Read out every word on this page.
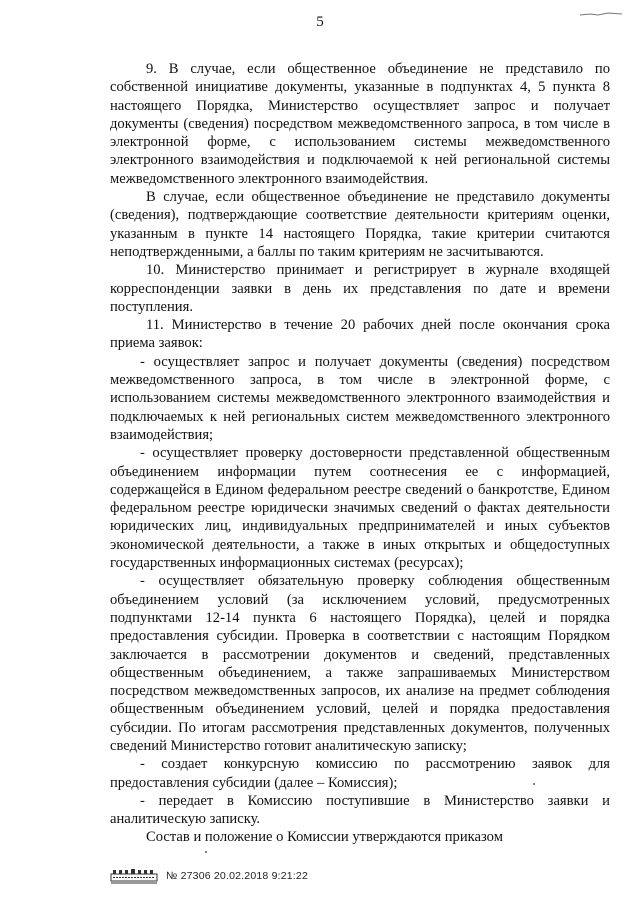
5

9. В случае, если общественное объединение не представило по собственной инициативе документы, указанные в подпунктах 4, 5 пункта 8 настоящего Порядка, Министерство осуществляет запрос и получает документы (сведения) посредством межведомственного запроса, в том числе в электронной форме, с использованием системы межведомственного электронного взаимодействия и подключаемой к ней региональной системы межведомственного электронного взаимодействия.

В случае, если общественное объединение не представило документы (сведения), подтверждающие соответствие деятельности критериям оценки, указанным в пункте 14 настоящего Порядка, такие критерии считаются неподтвержденными, а баллы по таким критериям не засчитываются.

10. Министерство принимает и регистрирует в журнале входящей корреспонденции заявки в день их представления по дате и времени поступления.

11. Министерство в течение 20 рабочих дней после окончания срока приема заявок:

- осуществляет запрос и получает документы (сведения) посредством межведомственного запроса, в том числе в электронной форме, с использованием системы межведомственного электронного взаимодействия и подключаемых к ней региональных систем межведомственного электронного взаимодействия;

- осуществляет проверку достоверности представленной общественным объединением информации путем соотнесения ее с информацией, содержащейся в Едином федеральном реестре сведений о банкротстве, Едином федеральном реестре юридически значимых сведений о фактах деятельности юридических лиц, индивидуальных предпринимателей и иных субъектов экономической деятельности, а также в иных открытых и общедоступных государственных информационных системах (ресурсах);

- осуществляет обязательную проверку соблюдения общественным объединением условий (за исключением условий, предусмотренных подпунктами 12-14 пункта 6 настоящего Порядка), целей и порядка предоставления субсидии. Проверка в соответствии с настоящим Порядком заключается в рассмотрении документов и сведений, представленных общественным объединением, а также запрашиваемых Министерством посредством межведомственных запросов, их анализе на предмет соблюдения общественным объединением условий, целей и порядка предоставления субсидии. По итогам рассмотрения представленных документов, полученных сведений Министерство готовит аналитическую записку;

- создает конкурсную комиссию по рассмотрению заявок для предоставления субсидии (далее – Комиссия);

- передает в Комиссию поступившие в Министерство заявки и аналитическую записку.

Состав и положение о Комиссии утверждаются приказом

№ 27306 20.02.2018 9:21:22
